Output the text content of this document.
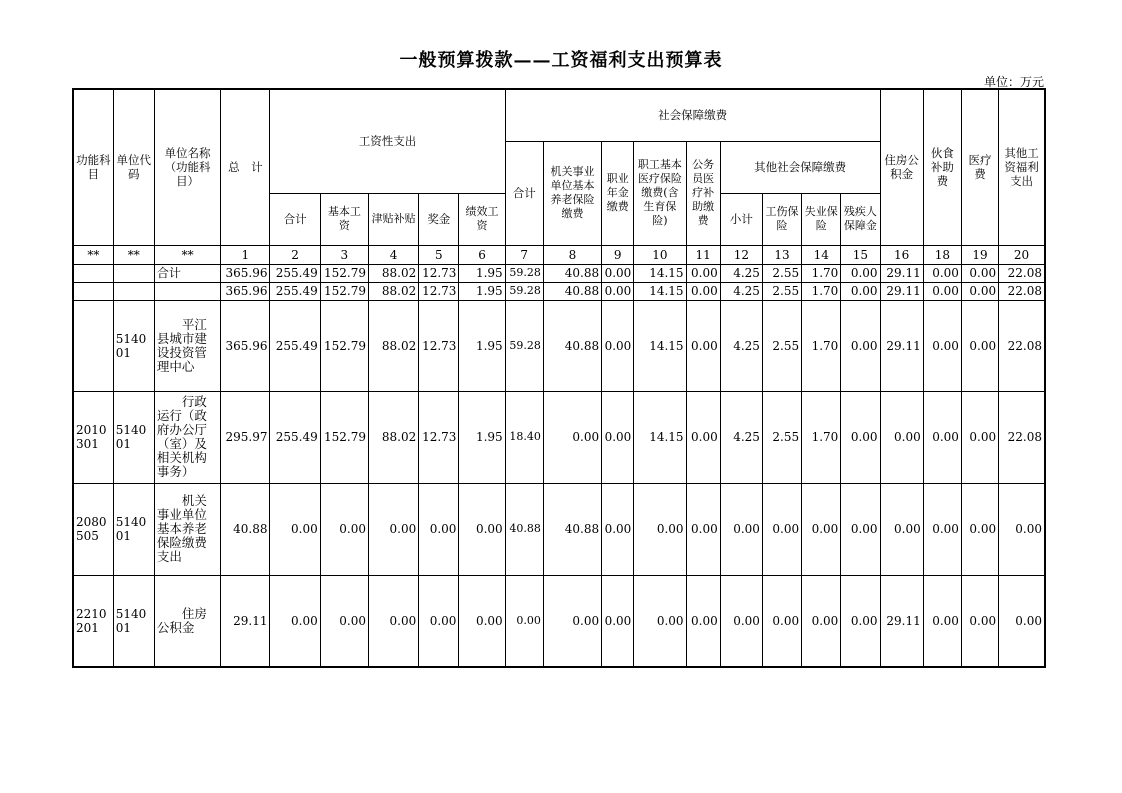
一般预算拨款——工资福利支出预算表
单位：万元
功能科目	单位代码	单位名称（功能科目）	总　计	工资性支出					社会保障缴费									住房公积金	伙食补助费	医疗费	其他工资福利支出
									合计	机关事业单位基本养老保险缴费	职业年金缴费	职工基本医疗保险缴费(含生育保险)	公务员医疗补助缴费	其他社会保障缴费							
				合计	基本工资	津贴补贴	奖金	绩效工资						小计	工伤保险	失业保险	残疾人保障金				
**	**	**	1	2	3	4	5	6	7	8	9	10	11	12	13	14	15	16	18	19	20
		合计	365.96	255.49	152.79	88.02	12.73	1.95	59.28	40.88	0.00	14.15	0.00	4.25	2.55	1.70	0.00	29.11	0.00	0.00	22.08
			365.96	255.49	152.79	88.02	12.73	1.95	59.28	40.88	0.00	14.15	0.00	4.25	2.55	1.70	0.00	29.11	0.00	0.00	22.08
	514001	平江县城市建设投资管理中心	365.96	255.49	152.79	88.02	12.73	1.95	59.28	40.88	0.00	14.15	0.00	4.25	2.55	1.70	0.00	29.11	0.00	0.00	22.08
2010301	514001	行政运行（政府办公厅（室）及相关机构事务）	295.97	255.49	152.79	88.02	12.73	1.95	18.40	0.00	0.00	14.15	0.00	4.25	2.55	1.70	0.00	0.00	0.00	0.00	22.08
2080505	514001	机关事业单位基本养老保险缴费支出	40.88	0.00	0.00	0.00	0.00	0.00	40.88	40.88	0.00	0.00	0.00	0.00	0.00	0.00	0.00	0.00	0.00	0.00	0.00
2210201	514001	住房公积金	29.11	0.00	0.00	0.00	0.00	0.00	0.00	0.00	0.00	0.00	0.00	0.00	0.00	0.00	0.00	29.11	0.00	0.00	0.00
